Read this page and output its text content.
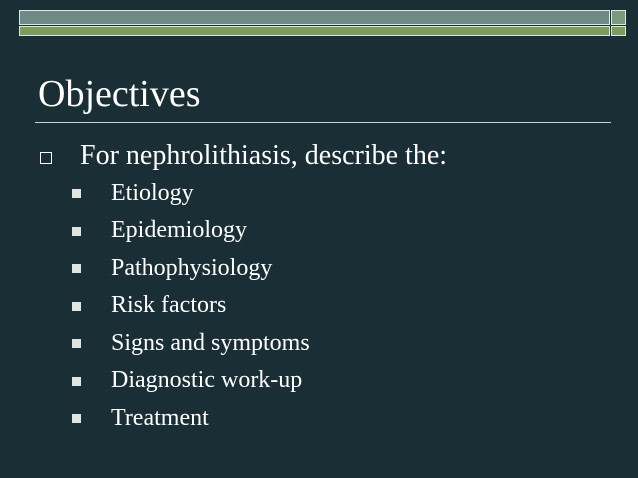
Objectives
For nephrolithiasis, describe the:
Etiology
Epidemiology
Pathophysiology
Risk factors
Signs and symptoms
Diagnostic work-up
Treatment
